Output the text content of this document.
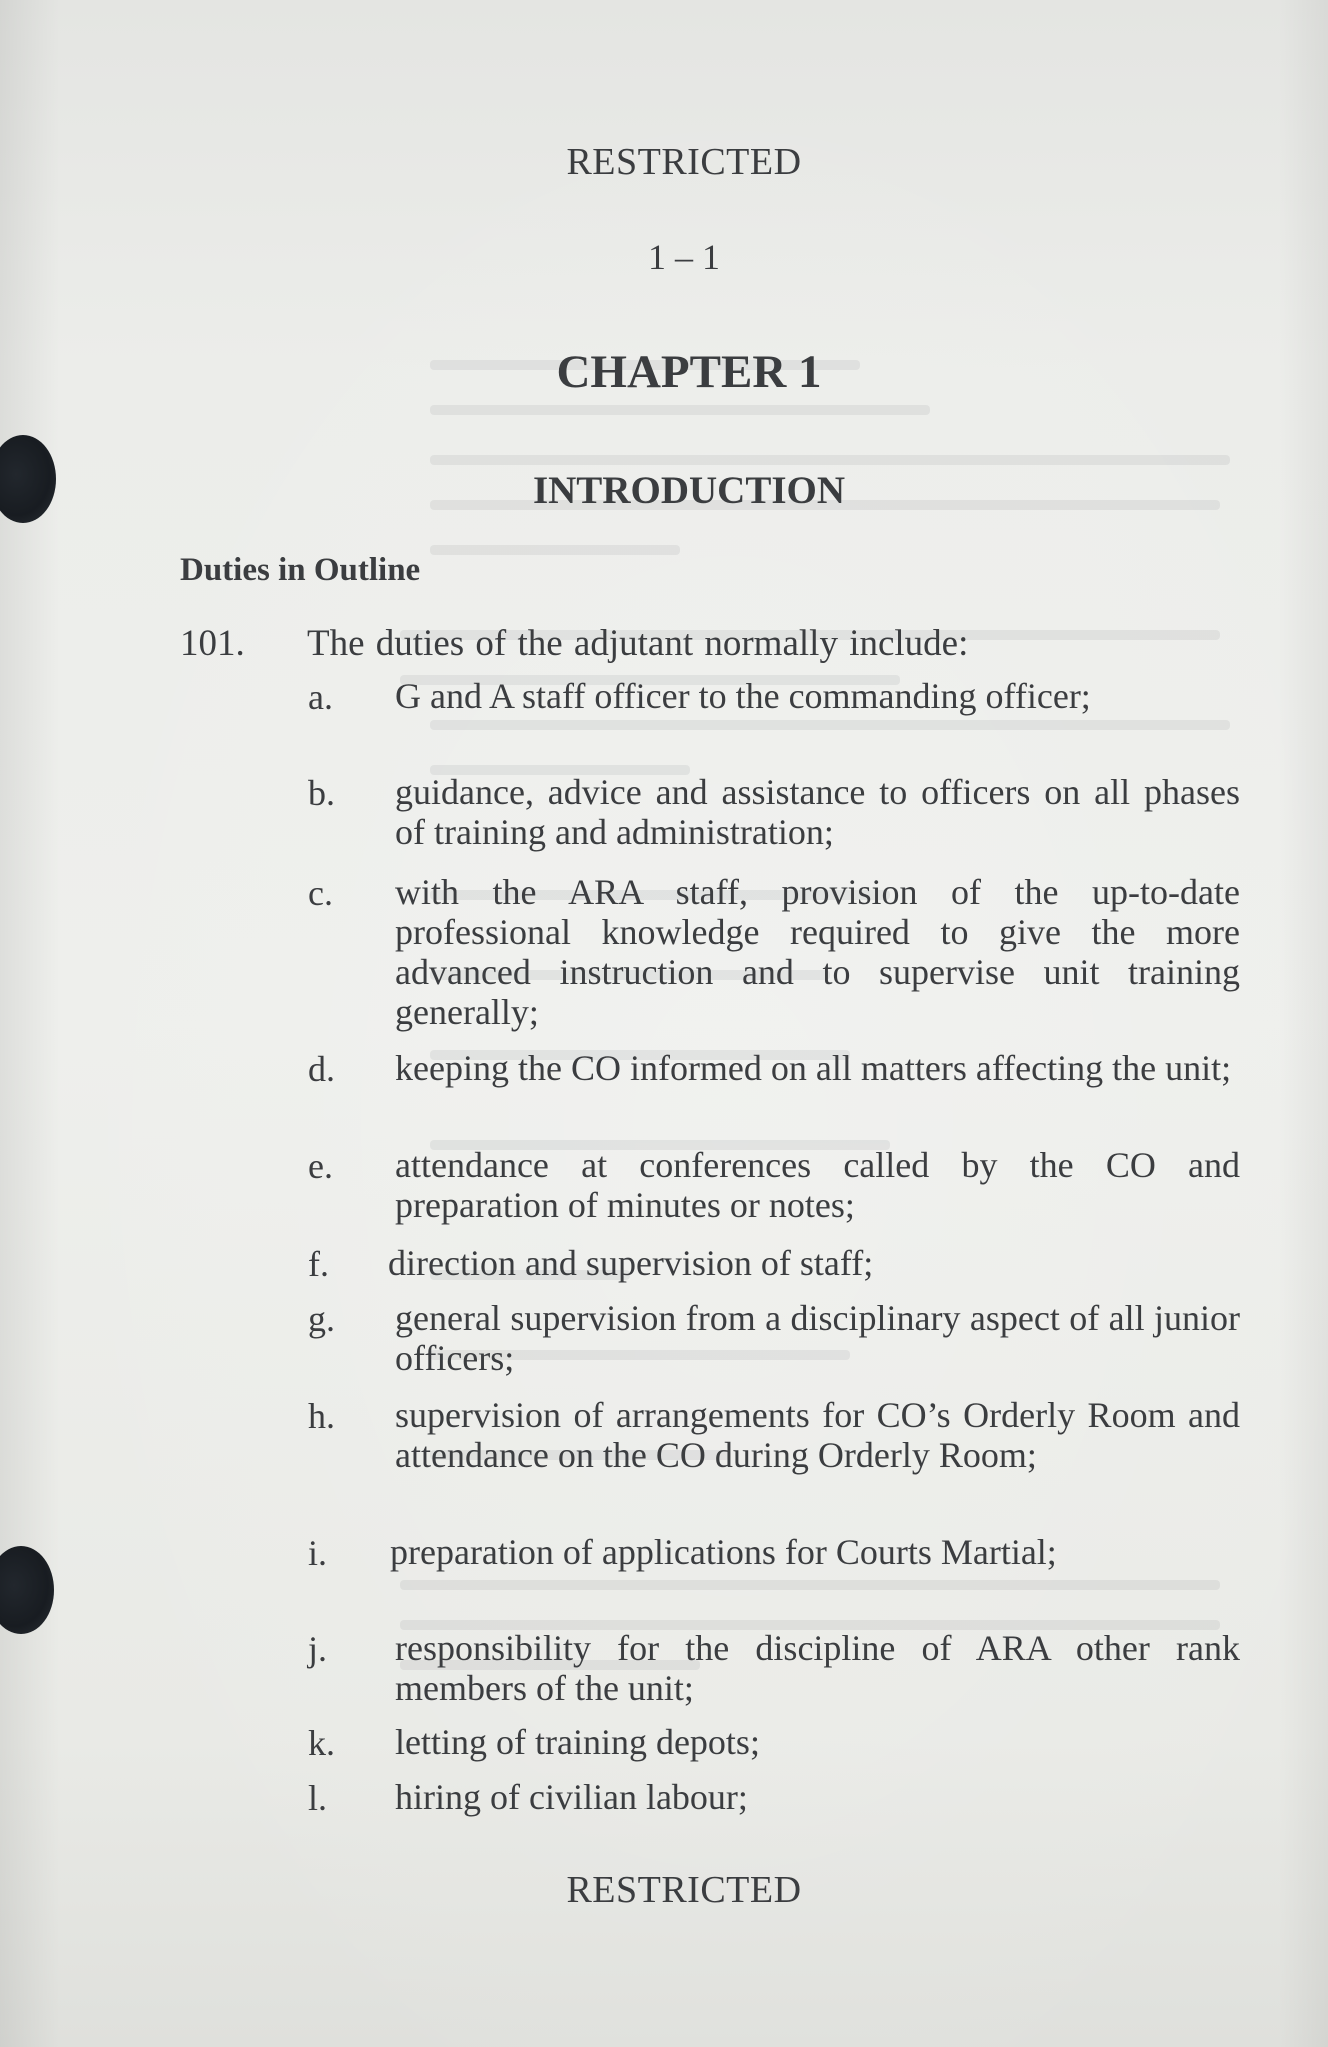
RESTRICTED
1 – 1
CHAPTER 1
INTRODUCTION
Duties in Outline
101. The duties of the adjutant normally include:
a. G and A staff officer to the commanding officer;
b. guidance, advice and assistance to officers on all phases of training and administration;
c. with the ARA staff, provision of the up-to-date professional knowledge required to give the more advanced instruction and to supervise unit training generally;
d. keeping the CO informed on all matters affecting the unit;
e. attendance at conferences called by the CO and preparation of minutes or notes;
f. direction and supervision of staff;
g. general supervision from a disciplinary aspect of all junior officers;
h. supervision of arrangements for CO’s Orderly Room and attendance on the CO during Orderly Room;
i. preparation of applications for Courts Martial;
j. responsibility for the discipline of ARA other rank members of the unit;
k. letting of training depots;
l. hiring of civilian labour;
RESTRICTED
